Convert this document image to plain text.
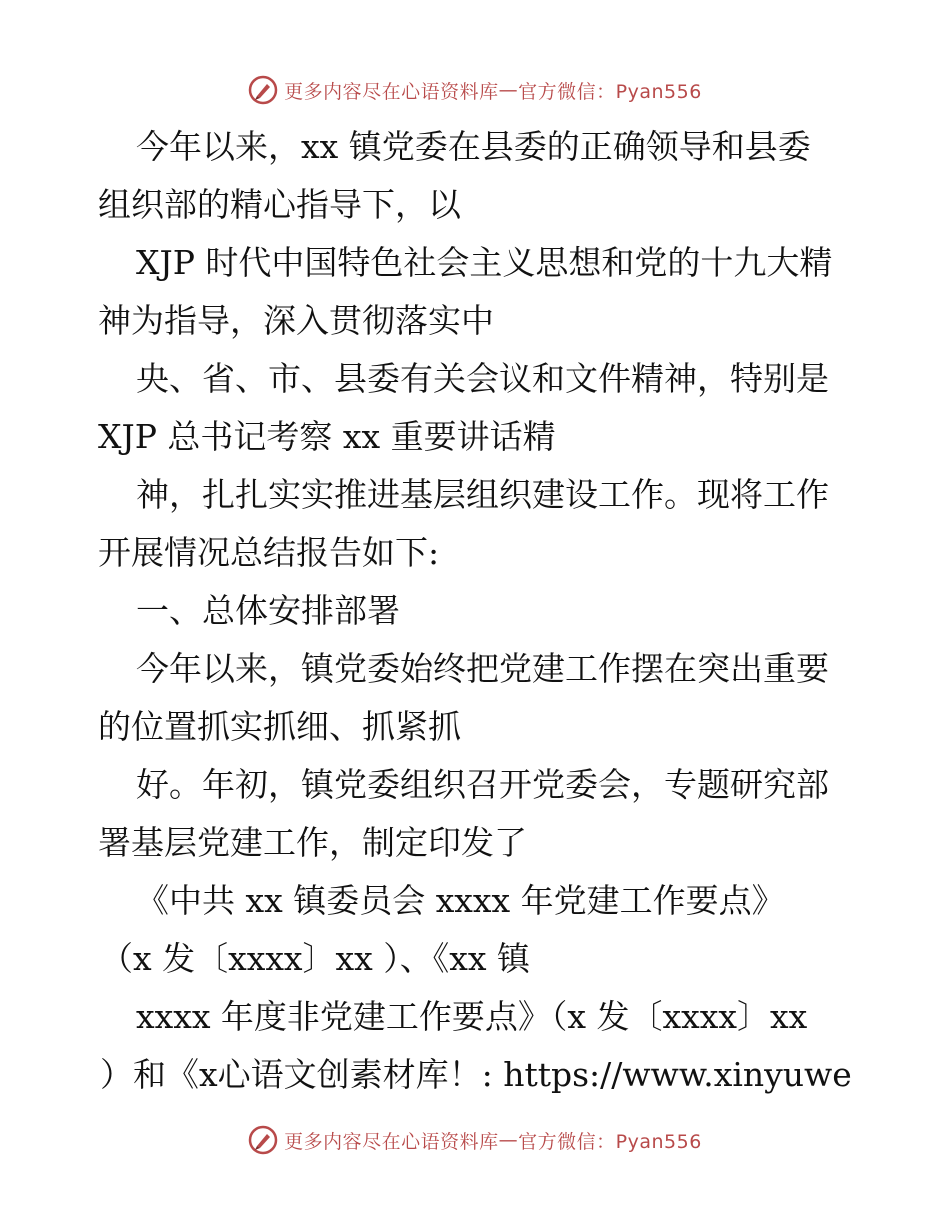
更多内容尽在心语资料库 — 官方微信：Pyan556
今年以来，xx 镇党委在县委的正确领导和县委
组织部的精心指导下，以
XJP 时代中国特色社会主义思想和党的十九大精
神为指导，深入贯彻落实中
央、省、市、县委有关会议和文件精神，特别是
XJP 总书记考察 xx 重要讲话精
神，扎扎实实推进基层组织建设工作。现将工作
开展情况总结报告如下:
一、总体安排部署
今年以来，镇党委始终把党建工作摆在突出重要
的位置抓实抓细、抓紧抓
好。年初，镇党委组织召开党委会，专题研究部
署基层党建工作，制定印发了
《中共 xx 镇委员会 xxxx 年党建工作要点》
（x 发〔xxxx〕xx ）、《xx 镇
xxxx 年度非党建工作要点》（x 发〔xxxx〕xx
）和《x心语文创素材库！: https://www.xinyuwe
更多内容尽在心语资料库 — 官方微信：Pyan556
